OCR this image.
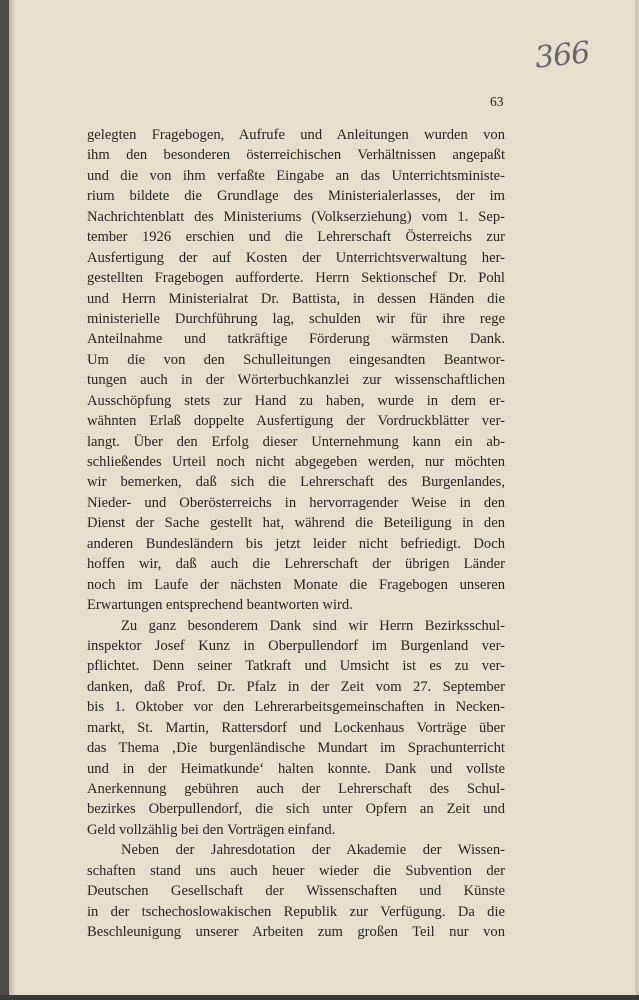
366
63
gelegten Fragebogen, Aufrufe und Anleitungen wurden von
ihm den besonderen österreichischen Verhältnissen angepaßt
und die von ihm verfaßte Eingabe an das Unterrichtsministe-
rium bildete die Grundlage des Ministerialerlasses, der im
Nachrichtenblatt des Ministeriums (Volkserziehung) vom 1. Sep-
tember 1926 erschien und die Lehrerschaft Österreichs zur
Ausfertigung der auf Kosten der Unterrichtsverwaltung her-
gestellten Fragebogen aufforderte. Herrn Sektionschef Dr. Pohl
und Herrn Ministerialrat Dr. Battista, in dessen Händen die
ministerielle Durchführung lag, schulden wir für ihre rege
Anteilnahme und tatkräftige Förderung wärmsten Dank.
Um die von den Schulleitungen eingesandten Beantwor-
tungen auch in der Wörterbuchkanzlei zur wissenschaftlichen
Ausschöpfung stets zur Hand zu haben, wurde in dem er-
wähnten Erlaß doppelte Ausfertigung der Vordruckblätter ver-
langt. Über den Erfolg dieser Unternehmung kann ein ab-
schließendes Urteil noch nicht abgegeben werden, nur möchten
wir bemerken, daß sich die Lehrerschaft des Burgenlandes,
Nieder- und Oberösterreichs in hervorragender Weise in den
Dienst der Sache gestellt hat, während die Beteiligung in den
anderen Bundesländern bis jetzt leider nicht befriedigt. Doch
hoffen wir, daß auch die Lehrerschaft der übrigen Länder
noch im Laufe der nächsten Monate die Fragebogen unseren
Erwartungen entsprechend beantworten wird.
Zu ganz besonderem Dank sind wir Herrn Bezirksschul-
inspektor Josef Kunz in Oberpullendorf im Burgenland ver-
pflichtet. Denn seiner Tatkraft und Umsicht ist es zu ver-
danken, daß Prof. Dr. Pfalz in der Zeit vom 27. September
bis 1. Oktober vor den Lehrerarbeitsgemeinschaften in Necken-
markt, St. Martin, Rattersdorf und Lockenhaus Vorträge über
das Thema ‚Die burgenländische Mundart im Sprachunterricht
und in der Heimatkunde‘ halten konnte. Dank und vollste
Anerkennung gebühren auch der Lehrerschaft des Schul-
bezirkes Oberpullendorf, die sich unter Opfern an Zeit und
Geld vollzählig bei den Vorträgen einfand.
Neben der Jahresdotation der Akademie der Wissen-
schaften stand uns auch heuer wieder die Subvention der
Deutschen Gesellschaft der Wissenschaften und Künste
in der tschechoslowakischen Republik zur Verfügung. Da die
Beschleunigung unserer Arbeiten zum großen Teil nur von
